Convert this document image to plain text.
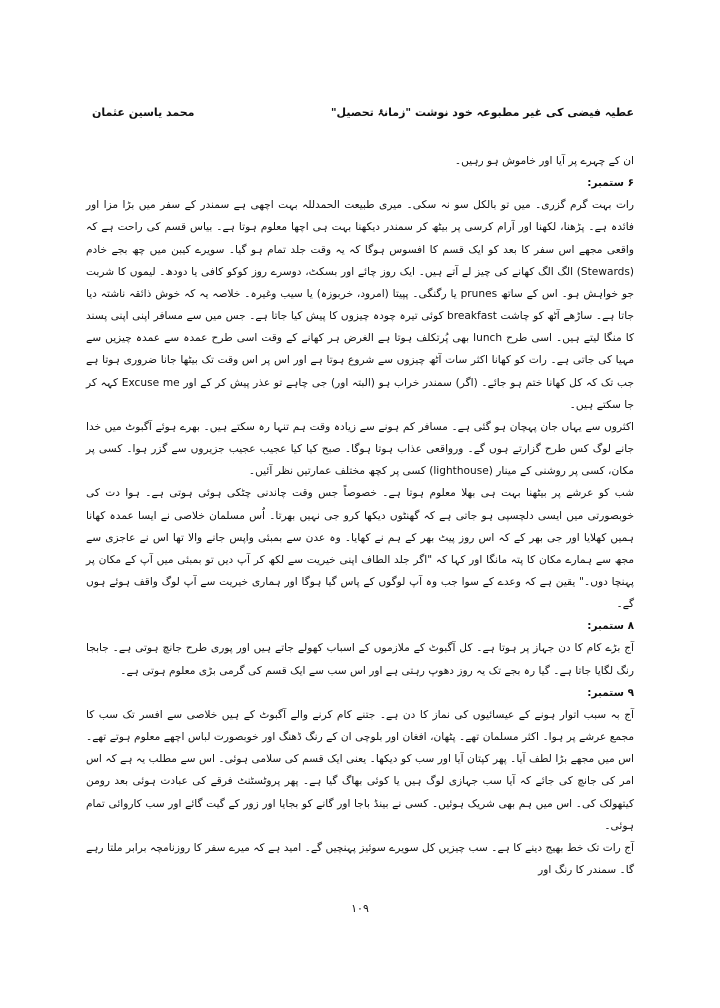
عطیہ فیضی کی غیر مطبوعہ خود نوشت "زمانۂ تحصیل"
محمد یاسین عثمان

ان کے چہرے پر آیا اور خاموش ہو رہیں۔

۶ ستمبر:

رات بہت گرم گزری۔ میں تو بالکل سو نہ سکی۔ میری طبیعت الحمدللہ بہت اچھی ہے سمندر کے سفر میں بڑا مزا اور فائدہ ہے۔ پڑھنا، لکھنا اور آرام کرسی پر بیٹھ کر سمندر دیکھنا بہت ہی اچھا معلوم ہوتا ہے۔ بیاس قسم کی راحت ہے کہ واقعی مجھے اس سفر کا بعد کو ایک قسم کا افسوس ہوگا کہ یہ وقت جلد تمام ہو گیا۔ سویرے کیبن میں چھ بجے خادم (Stewards) الگ الگ کھانے کی چیز لے آتے ہیں۔ ایک روز چائے اور بسکٹ، دوسرے روز کوکو کافی یا دودھ۔ لیموں کا شربت جو خواہش ہو۔ اس کے ساتھ prunes یا رگنگی۔ پپیتا (امرود، خربوزہ) یا سیب وغیرہ۔ خلاصہ یہ کہ خوش ذائقہ ناشتہ دیا جاتا ہے۔ ساڑھے آٹھ کو چاشت breakfast کوئی تیرہ چودہ چیزوں کا پیش کیا جاتا ہے۔ جس میں سے مسافر اپنی اپنی پسند کا منگا لیتے ہیں۔ اسی طرح lunch بھی پُرتکلف ہوتا ہے الغرض ہر کھانے کے وقت اسی طرح عمدہ سے عمدہ چیزیں سے مہیا کی جاتی ہے۔ رات کو کھانا اکثر سات آٹھ چیزوں سے شروع ہوتا ہے اور اس پر اس وقت تک بیٹھا جانا ضروری ہوتا ہے جب تک کہ کل کھانا ختم ہو جائے۔ (اگر) سمندر خراب ہو (البتہ اور) جی چاہے تو عذر پیش کر کے اور Excuse me کہہ کر جا سکتے ہیں۔

اکثروں سے یہاں جان پہچان ہو گئی ہے۔ مسافر کم ہونے سے زیادہ وقت ہم تنہا رہ سکتے ہیں۔ بھرے ہوئے آگبوٹ میں خدا جانے لوگ کس طرح گزارتے ہوں گے۔ ورواقعی عذاب ہوتا ہوگا۔ صبح کیا کیا عجیب عجیب جزیروں سے گزر ہوا۔ کسی پر مکان، کسی پر روشنی کے مینار (lighthouse) کسی پر کچھ مختلف عمارتیں نظر آئیں۔

شب کو عرشے پر بیٹھنا بہت ہی بھلا معلوم ہوتا ہے۔ خصوصاً جس وقت چاندنی چٹکی ہوئی ہوتی ہے۔ ہوا دت کی خوبصورتی میں ایسی دلچسپی ہو جاتی ہے کہ گھنٹوں دیکھا کرو جی نہیں بھرتا۔ اُس مسلمان خلاصی نے ایسا عمدہ کھانا ہمیں کھلایا اور جی بھر کے کہ اس روز پیٹ بھر کے ہم نے کھایا۔ وہ عدن سے بمبئی واپس جانے والا تھا اس نے عاجزی سے مجھ سے ہمارے مکان کا پتہ مانگا اور کہا کہ "اگر جلد الطاف اپنی خیریت سے لکھ کر آپ دیں تو بمبئی میں آپ کے مکان پر پہنچا دوں۔" یقین ہے کہ وعدے کے سوا جب وہ آپ لوگوں کے پاس گیا ہوگا اور ہماری خیریت سے آپ لوگ واقف ہوئے ہوں گے۔

۸ ستمبر:

آج بڑے کام کا دن جہاز پر ہوتا ہے۔ کل آگبوٹ کے ملازموں کے اسباب کھولے جاتے ہیں اور پوری طرح جانچ ہوتی ہے۔ جابجا رنگ لگایا جاتا ہے۔ گیا رہ بجے تک یہ روز دھوپ رہتی ہے اور اس سب سے ایک قسم کی گرمی بڑی معلوم ہوتی ہے۔

۹ ستمبر:

آج بہ سبب اتوار ہونے کے عیسائیوں کی نماز کا دن ہے۔ جتنے کام کرنے والے آگبوٹ کے ہیں خلاصی سے افسر تک سب کا مجمع عرشے پر ہوا۔ اکثر مسلمان تھے۔ پٹھان، افغان اور بلوچی ان کے رنگ ڈھنگ اور خوبصورت لباس اچھے معلوم ہوتے تھے۔ اس میں مجھے بڑا لطف آیا۔ پھر کپتان آیا اور سب کو دیکھا۔ یعنی ایک قسم کی سلامی ہوئی۔ اس سے مطلب یہ ہے کہ اس امر کی جانچ کی جائے کہ آیا سب جہازی لوگ ہیں یا کوئی بھاگ گیا ہے۔ پھر پروٹسٹنٹ فرقے کی عبادت ہوئی بعد رومن کیتھولک کی۔ اس میں ہم بھی شریک ہوئیں۔ کسی نے بینڈ باجا اور گانے کو بجایا اور زور کے گیت گائے اور سب کاروائی تمام ہوئی۔

آج رات تک خط بھیج دینے کا ہے۔ سب چیزیں کل سویرے سوئیز پہنچیں گے۔ امید ہے کہ میرے سفر کا روزنامچہ برابر ملتا رہے گا۔ سمندر کا رنگ اور

۱۰۹
